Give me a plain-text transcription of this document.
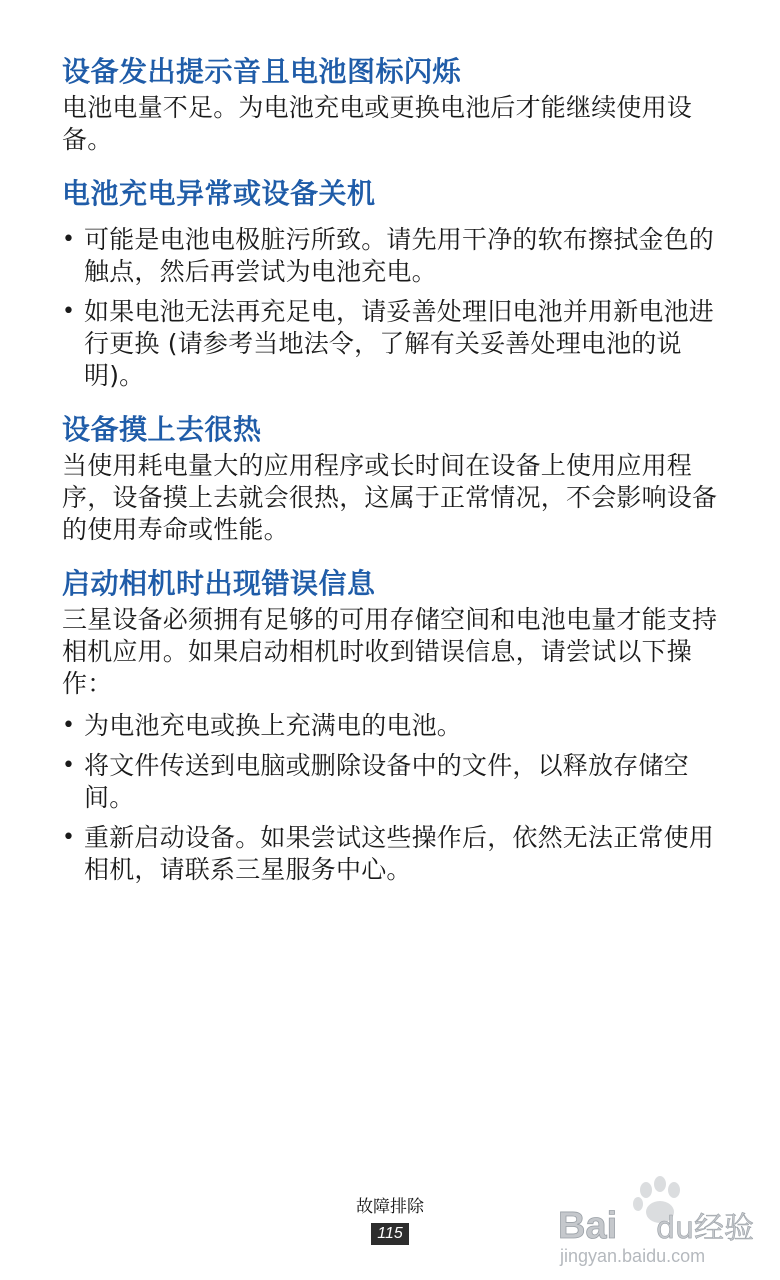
设备发出提示音且电池图标闪烁

电池电量不足。为电池充电或更换电池后才能继续使用设备。

电池充电异常或设备关机
• 可能是电池电极脏污所致。请先用干净的软布擦拭金色的触点，然后再尝试为电池充电。
• 如果电池无法再充足电，请妥善处理旧电池并用新电池进行更换 (请参考当地法令，了解有关妥善处理电池的说明)。
设备摸上去很热

当使用耗电量大的应用程序或长时间在设备上使用应用程序，设备摸上去就会很热，这属于正常情况，不会影响设备的使用寿命或性能。

启动相机时出现错误信息

三星设备必须拥有足够的可用存储空间和电池电量才能支持相机应用。如果启动相机时收到错误信息，请尝试以下操作：

• 为电池充电或换上充满电的电池。
• 将文件传送到电脑或删除设备中的文件，以释放存储空间。
• 重新启动设备。如果尝试这些操作后，依然无法正常使用相机，请联系三星服务中心。
故障排除
115	Bai du经验
jingyan.baidu.com
